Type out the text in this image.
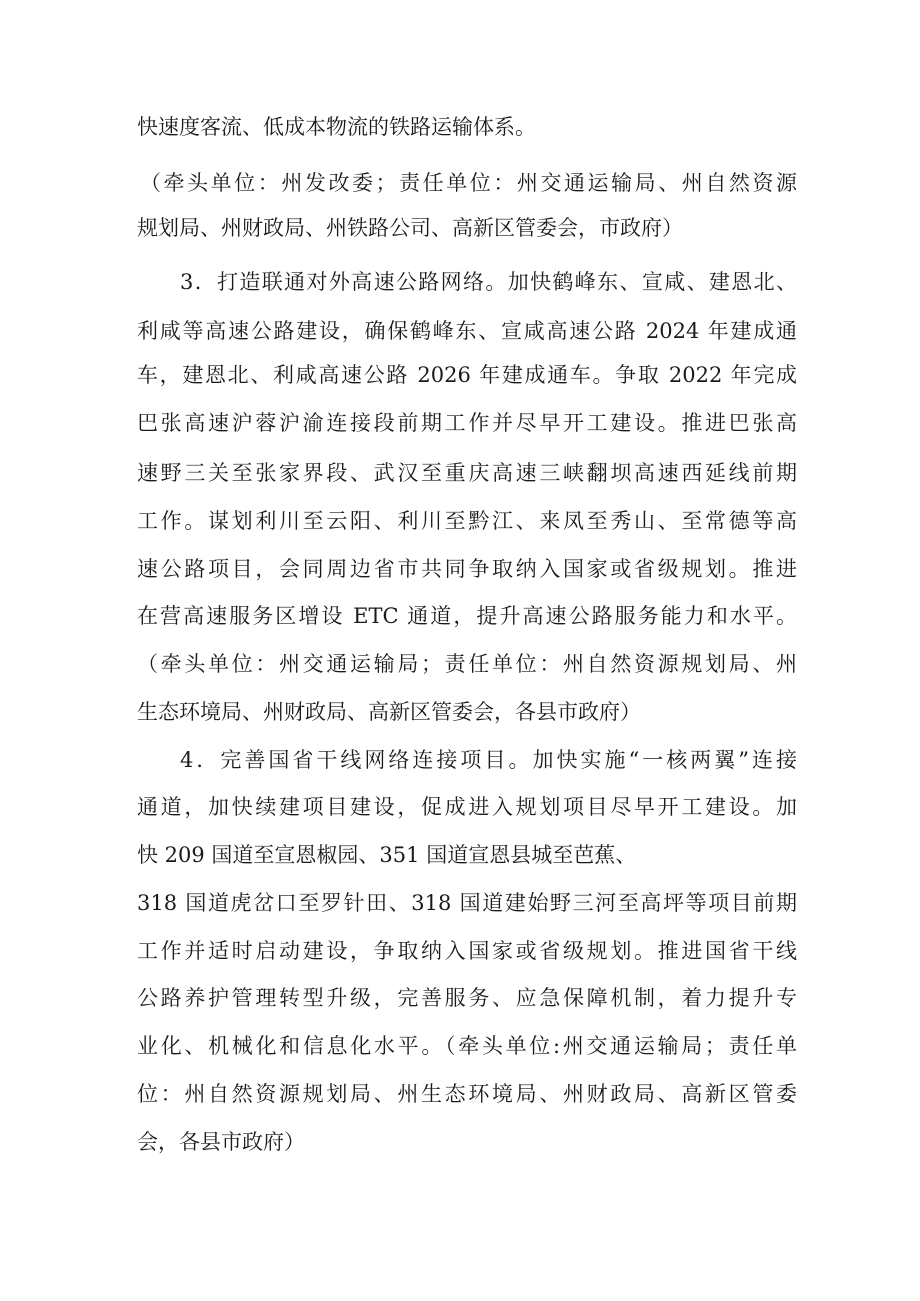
快速度客流、低成本物流的铁路运输体系。
（牵头单位：州发改委；责任单位：州交通运输局、州自然资源
规划局、州财政局、州铁路公司、高新区管委会，市政府）
3．打造联通对外高速公路网络。加快鹤峰东、宣咸、建恩北、
利咸等高速公路建设，确保鹤峰东、宣咸高速公路 2024 年建成通
车，建恩北、利咸高速公路 2026 年建成通车。争取 2022 年完成
巴张高速沪蓉沪渝连接段前期工作并尽早开工建设。推进巴张高
速野三关至张家界段、武汉至重庆高速三峡翻坝高速西延线前期
工作。谋划利川至云阳、利川至黔江、来凤至秀山、至常德等高
速公路项目，会同周边省市共同争取纳入国家或省级规划。推进
在营高速服务区增设 ETC 通道，提升高速公路服务能力和水平。
（牵头单位：州交通运输局；责任单位：州自然资源规划局、州
生态环境局、州财政局、高新区管委会，各县市政府）
4．完善国省干线网络连接项目。加快实施“一核两翼”连接
通道，加快续建项目建设，促成进入规划项目尽早开工建设。加
快 209 国道至宣恩椒园、351 国道宣恩县城至芭蕉、
318 国道虎岔口至罗针田、318 国道建始野三河至高坪等项目前期
工作并适时启动建设，争取纳入国家或省级规划。推进国省干线
公路养护管理转型升级，完善服务、应急保障机制，着力提升专
业化、机械化和信息化水平。（牵头单位:州交通运输局；责任单
位：州自然资源规划局、州生态环境局、州财政局、高新区管委
会，各县市政府）
